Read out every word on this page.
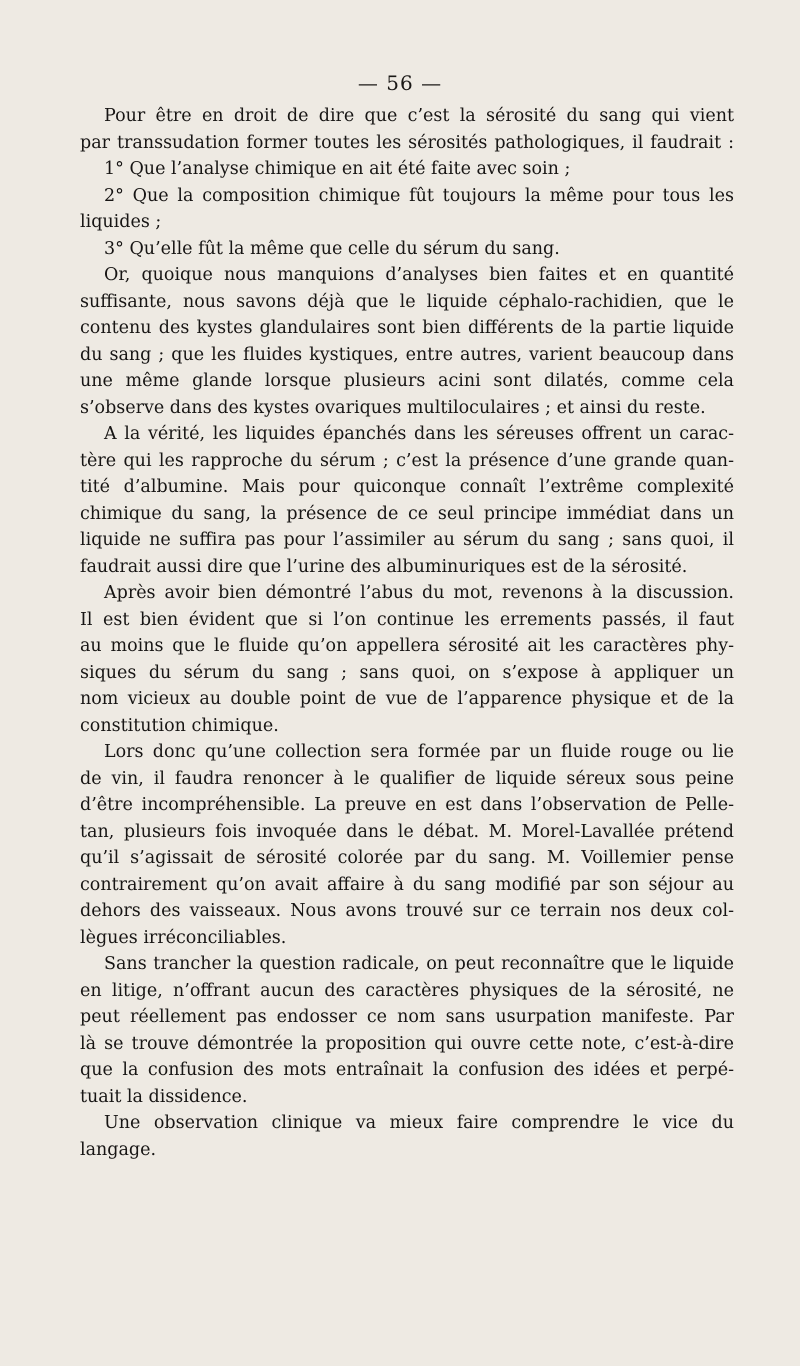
— 56 —
Pour être en droit de dire que c’est la sérosité du sang qui vient
par transsudation former toutes les sérosités pathologiques, il faudrait :
1° Que l’analyse chimique en ait été faite avec soin ;
2° Que la composition chimique fût toujours la même pour tous les
liquides ;
3° Qu’elle fût la même que celle du sérum du sang.
Or, quoique nous manquions d’analyses bien faites et en quantité
suffisante, nous savons déjà que le liquide céphalo-rachidien, que le
contenu des kystes glandulaires sont bien différents de la partie liquide
du sang ; que les fluides kystiques, entre autres, varient beaucoup dans
une même glande lorsque plusieurs acini sont dilatés, comme cela
s’observe dans des kystes ovariques multiloculaires ; et ainsi du reste.
A la vérité, les liquides épanchés dans les séreuses offrent un carac-
tère qui les rapproche du sérum ; c’est la présence d’une grande quan-
tité d’albumine. Mais pour quiconque connaît l’extrême complexité
chimique du sang, la présence de ce seul principe immédiat dans un
liquide ne suffira pas pour l’assimiler au sérum du sang ; sans quoi, il
faudrait aussi dire que l’urine des albuminuriques est de la sérosité.
Après avoir bien démontré l’abus du mot, revenons à la discussion.
Il est bien évident que si l’on continue les errements passés, il faut
au moins que le fluide qu’on appellera sérosité ait les caractères phy-
siques du sérum du sang ; sans quoi, on s’expose à appliquer un
nom vicieux au double point de vue de l’apparence physique et de la
constitution chimique.
Lors donc qu’une collection sera formée par un fluide rouge ou lie
de vin, il faudra renoncer à le qualifier de liquide séreux sous peine
d’être incompréhensible. La preuve en est dans l’observation de Pelle-
tan, plusieurs fois invoquée dans le débat. M. Morel-Lavallée prétend
qu’il s’agissait de sérosité colorée par du sang. M. Voillemier pense
contrairement qu’on avait affaire à du sang modifié par son séjour au
dehors des vaisseaux. Nous avons trouvé sur ce terrain nos deux col-
lègues irréconciliables.
Sans trancher la question radicale, on peut reconnaître que le liquide
en litige, n’offrant aucun des caractères physiques de la sérosité, ne
peut réellement pas endosser ce nom sans usurpation manifeste. Par
là se trouve démontrée la proposition qui ouvre cette note, c’est-à-dire
que la confusion des mots entraînait la confusion des idées et perpé-
tuait la dissidence.
Une observation clinique va mieux faire comprendre le vice du
langage.
